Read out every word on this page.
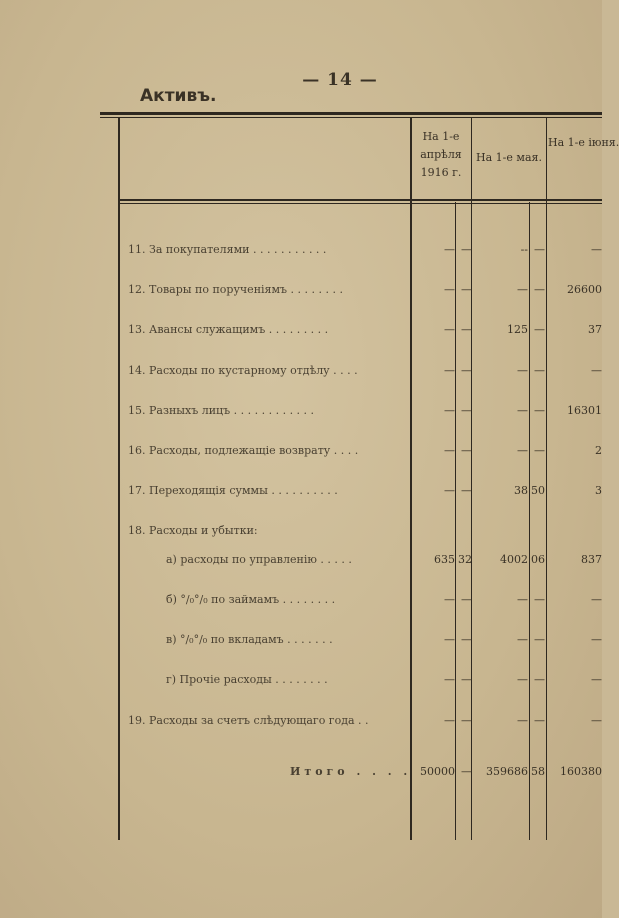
— 14 —
Активъ.
На 1-е апрѣля 1916 г.
На 1-е мая.
На 1-е іюня.
11. За покупателями . . . . . . . . . . .	— —	-- —	—
12. Товары по порученіямъ . . . . . . . .	— —	— —	26600
13. Авансы служащимъ . . . . . . . . .	— —	125 —	37
14. Расходы по кустарному отдѣлу . . . .	— —	— —	—
15. Разныхъ лицъ . . . . . . . . . . . .	— —	— —	16301
16. Расходы, подлежащіе возврату . . . .	— —	— —	2
17. Переходящія суммы . . . . . . . . . .	— —	38 50	3
18. Расходы и убытки:
а) расходы по управленію . . . . .	635 32	4002 06	837
б) °/₀°/₀ по займамъ . . . . . . . .	— —	— —	—
в) °/₀°/₀ по вкладамъ . . . . . . .	— —	— —	—
г) Прочіе расходы . . . . . . . .	— —	— —	—
19. Расходы за счетъ слѣдующаго года . .	— —	— —	—
Итого . . . . 50000 —	359686 58	160380
